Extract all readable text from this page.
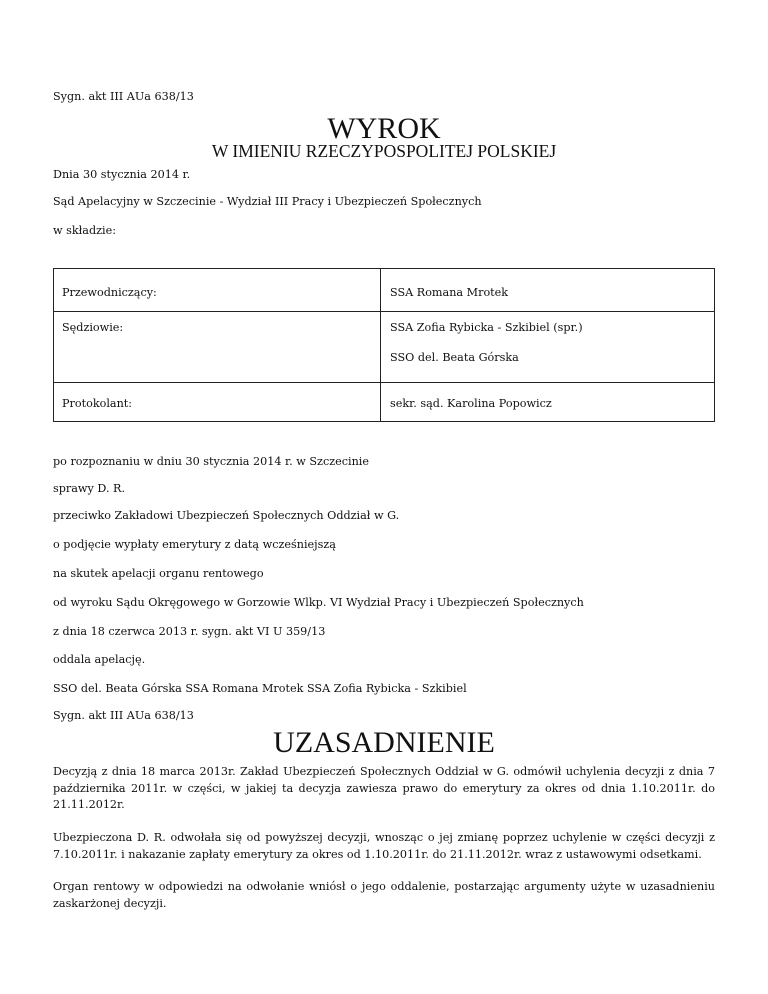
Sygn. akt III AUa 638/13
WYROK
W IMIENIU RZECZYPOSPOLITEJ POLSKIEJ
Dnia 30 stycznia 2014 r.
Sąd Apelacyjny w Szczecinie - Wydział III Pracy i Ubezpieczeń Społecznych
w składzie:
Przewodniczący:	SSA Romana Mrotek
Sędziowie:	SSA Zofia Rybicka - Szkibiel (spr.)
SSO del. Beata Górska
Protokolant:	sekr. sąd. Karolina Popowicz
po rozpoznaniu w dniu 30 stycznia 2014 r. w Szczecinie
sprawy D. R.
przeciwko Zakładowi Ubezpieczeń Społecznych Oddział w G.
o podjęcie wypłaty emerytury z datą wcześniejszą
na skutek apelacji organu rentowego
od wyroku Sądu Okręgowego w Gorzowie Wlkp. VI Wydział Pracy i Ubezpieczeń Społecznych
z dnia 18 czerwca 2013 r. sygn. akt VI U 359/13
oddala apelację.
SSO del. Beata Górska SSA Romana Mrotek SSA Zofia Rybicka - Szkibiel
Sygn. akt III AUa 638/13
UZASADNIENIE
Decyzją z dnia 18 marca 2013r. Zakład Ubezpieczeń Społecznych Oddział w G. odmówił uchylenia decyzji z dnia 7 października 2011r. w części, w jakiej ta decyzja zawiesza prawo do emerytury za okres od dnia 1.10.2011r. do 21.11.2012r.
Ubezpieczona D. R. odwołała się od powyższej decyzji, wnosząc o jej zmianę poprzez uchylenie w części decyzji z 7.10.2011r. i nakazanie zapłaty emerytury za okres od 1.10.2011r. do 21.11.2012r. wraz z ustawowymi odsetkami.
Organ rentowy w odpowiedzi na odwołanie wniósł o jego oddalenie, postarzając argumenty użyte w uzasadnieniu zaskarżonej decyzji.
